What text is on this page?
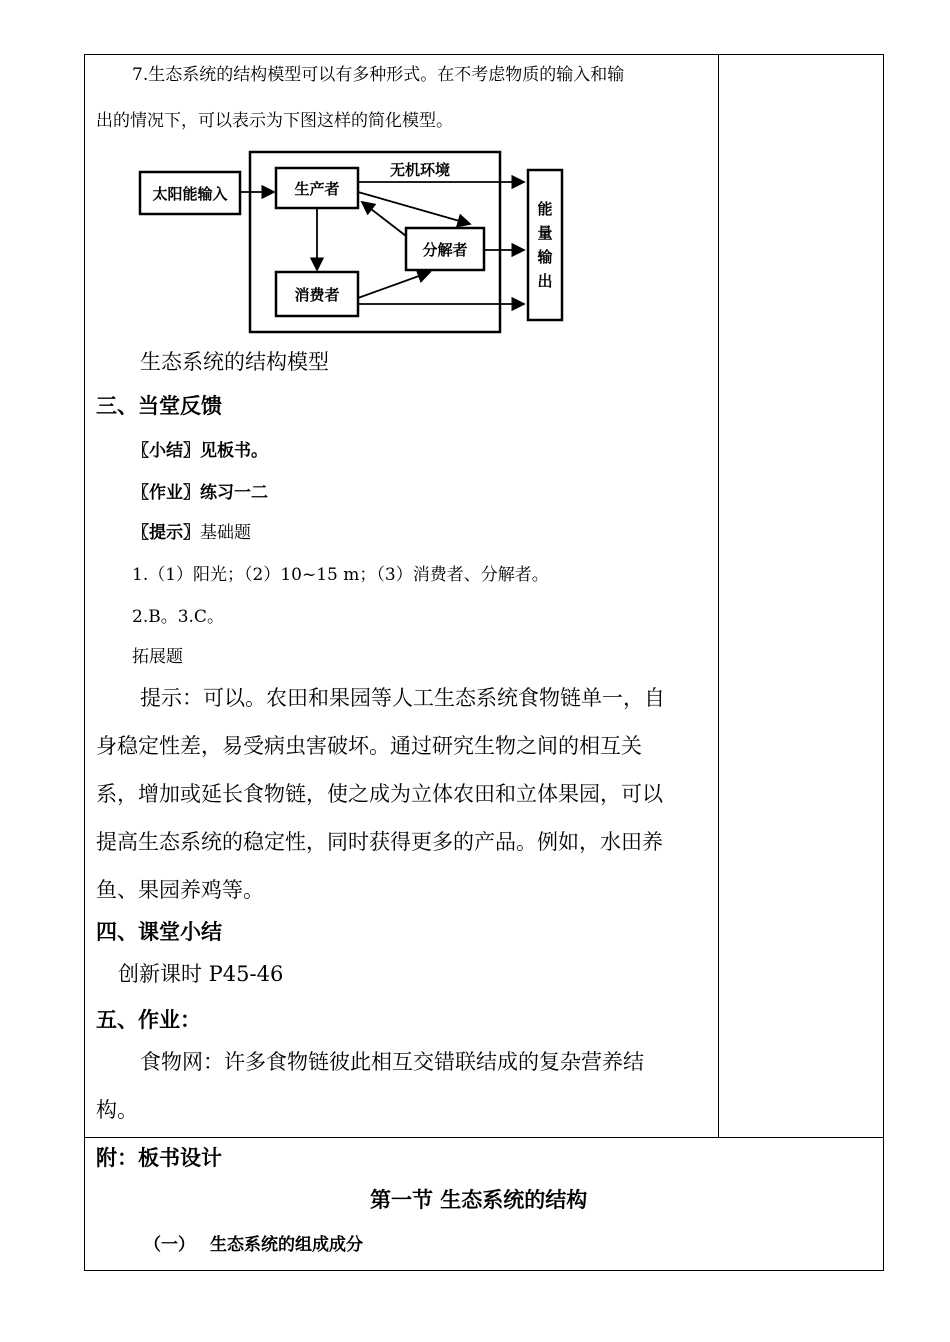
7.生态系统的结构模型可以有多种形式。在不考虑物质的输入和输
出的情况下，可以表示为下图这样的简化模型。
太阳能输入	生产者
无机环境
分解者
消费者
能
量
输
出
生态系统的结构模型
三、当堂反馈
〖小结〗见板书。
〖作业〗练习一二
〖提示〗基础题
1.（1）阳光；（2）10~15 m；（3）消费者、分解者。
2.B。3.C。
拓展题
提示：可以。农田和果园等人工生态系统食物链单一，自
身稳定性差，易受病虫害破坏。通过研究生物之间的相互关
系，增加或延长食物链，使之成为立体农田和立体果园，可以
提高生态系统的稳定性，同时获得更多的产品。例如，水田养
鱼、果园养鸡等。
四、课堂小结
创新课时 P45-46
五、作业：
食物网：许多食物链彼此相互交错联结成的复杂营养结
构。
附：板书设计
第一节 生态系统的结构
（一） 生态系统的组成成分
